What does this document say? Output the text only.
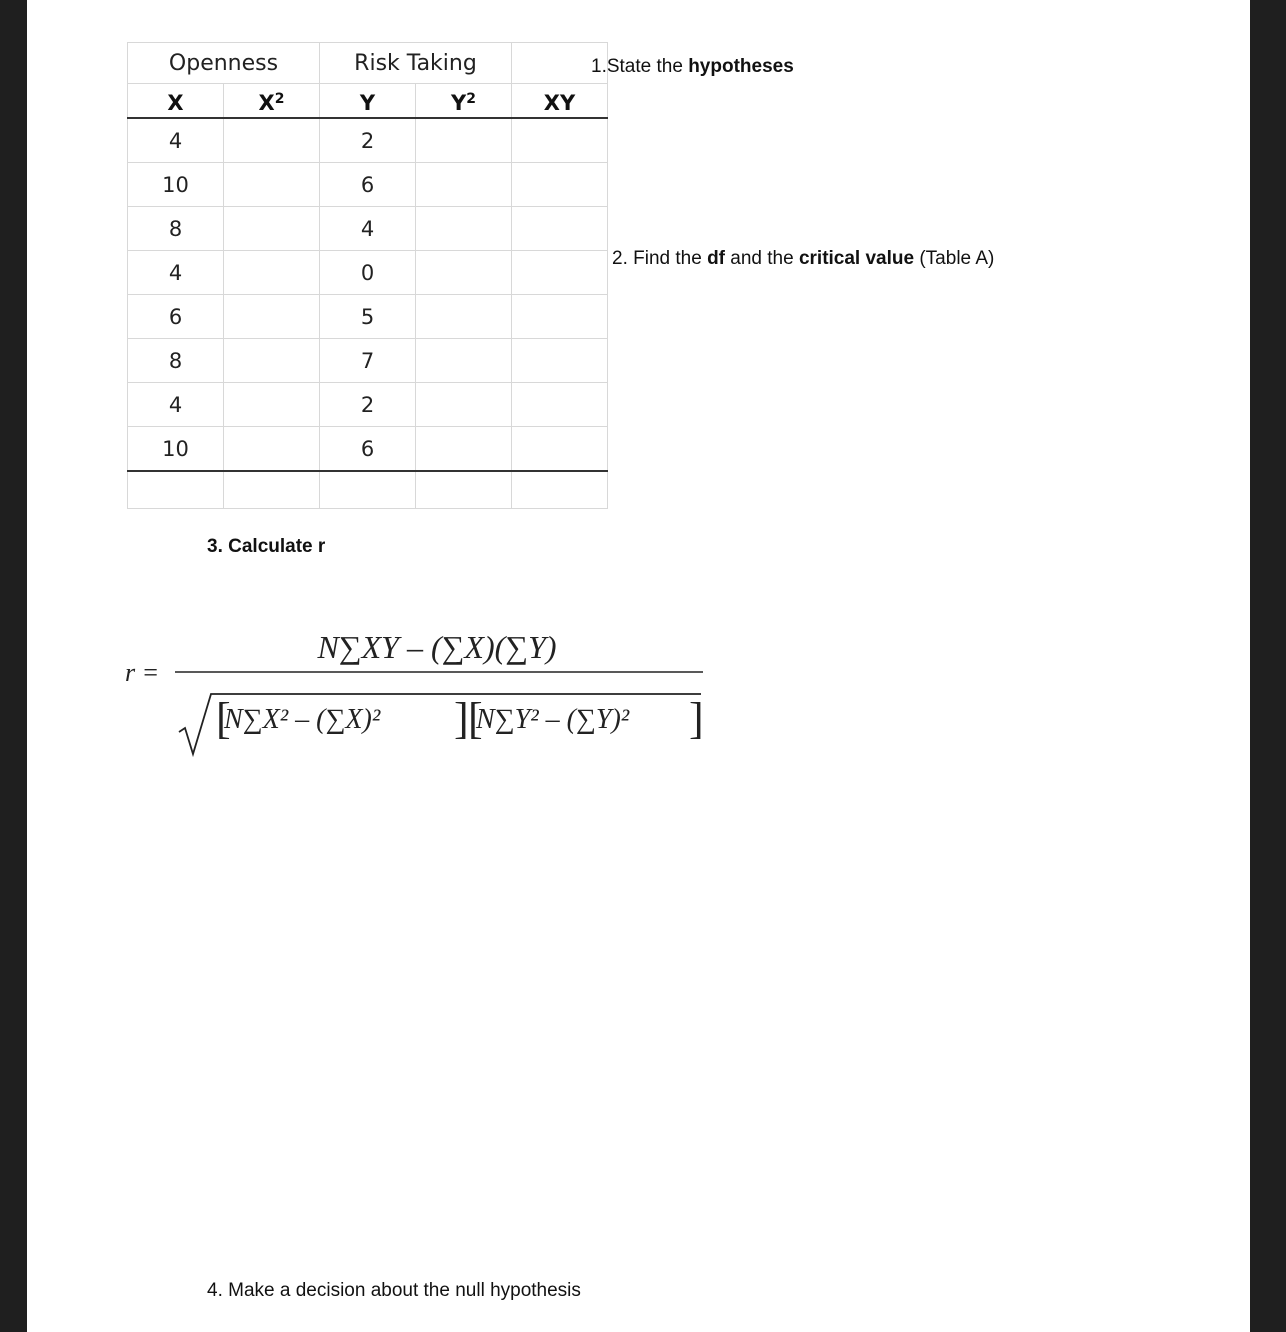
Openness		Risk Taking		
X	$X^2$	Y	$Y^2$	XY
4		2		
10		6		
8		4		
4		0		
6		5		
8		7		
4		2		
10		6		

1.State the hypotheses
2. Find the df and the critical value (Table A)
3. Calculate r
4. Make a decision about the null hypothesis
r =
N∑XY – (∑X)(∑Y)
[
N∑X² – (∑X)² ] [
N∑Y² – (∑Y)² ]
